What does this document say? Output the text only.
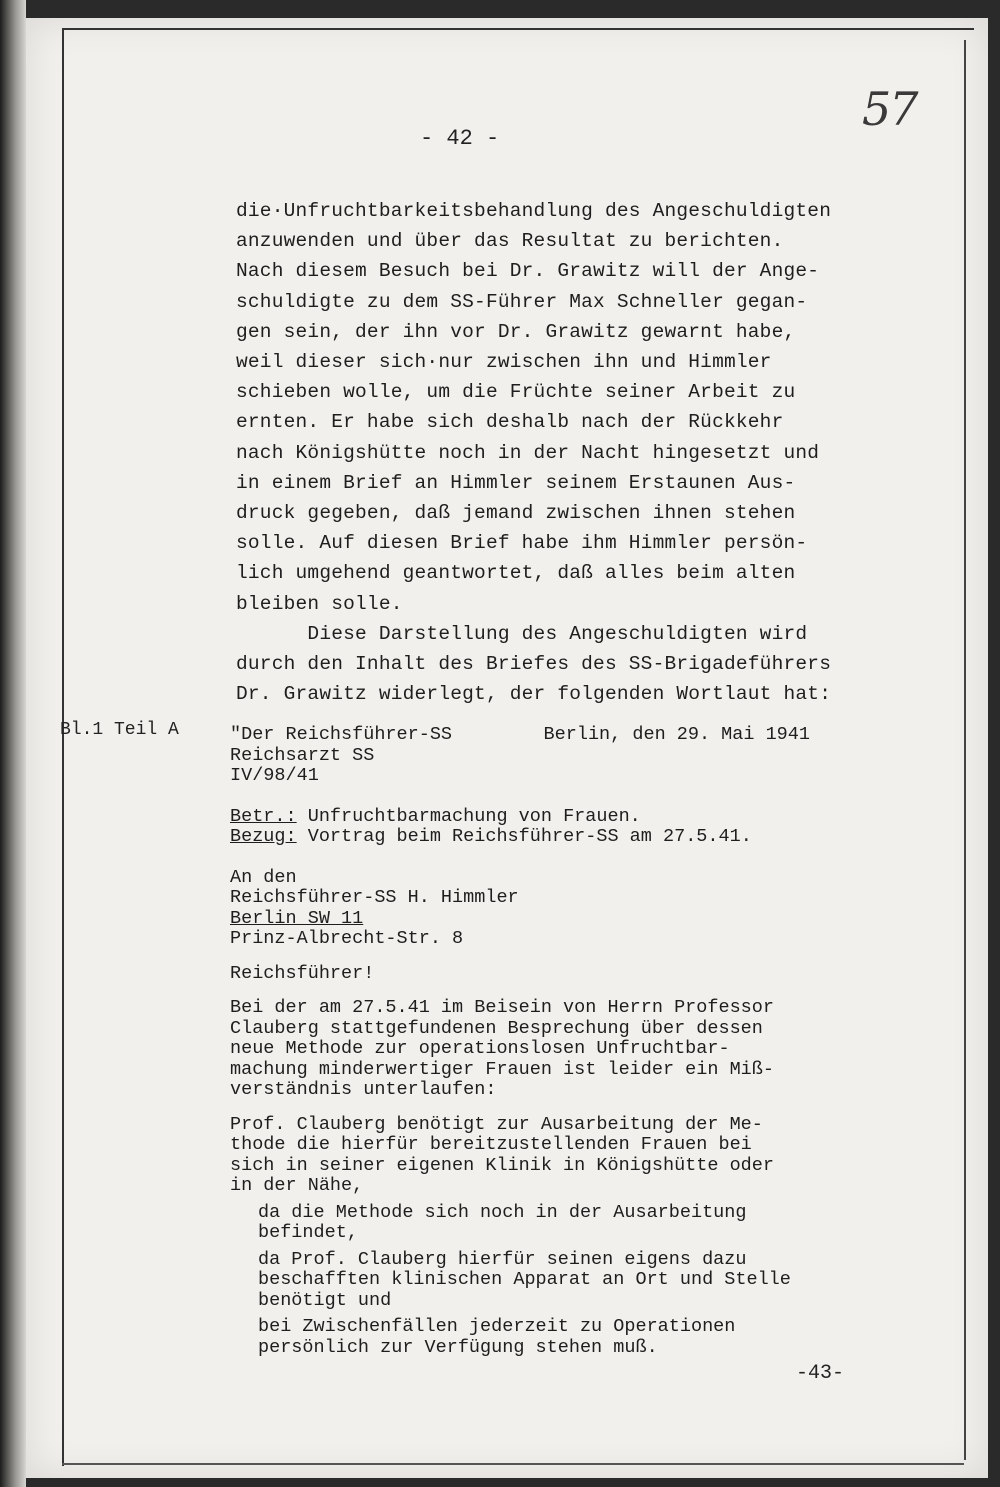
57
- 42 -
die·Unfruchtbarkeitsbehandlung des Angeschuldigten
anzuwenden und über das Resultat zu berichten.
Nach diesem Besuch bei Dr. Grawitz will der Ange-
schuldigte zu dem SS-Führer Max Schneller gegan-
gen sein, der ihn vor Dr. Grawitz gewarnt habe,
weil dieser sich·nur zwischen ihn und Himmler
schieben wolle, um die Früchte seiner Arbeit zu
ernten. Er habe sich deshalb nach der Rückkehr
nach Königshütte noch in der Nacht hingesetzt und
in einem Brief an Himmler seinem Erstaunen Aus-
druck gegeben, daß jemand zwischen ihnen stehen
solle. Auf diesen Brief habe ihm Himmler persön-
lich umgehend geantwortet, daß alles beim alten
bleiben solle.
Diese Darstellung des Angeschuldigten wird
durch den Inhalt des Briefes des SS-Brigadeführers
Dr. Grawitz widerlegt, der folgenden Wortlaut hat:
Bl.1 Teil A	"Der Reichsführer-SS	Berlin, den 29. Mai 1941
Reichsarzt SS
IV/98/41
Betr.: Unfruchtbarmachung von Frauen.
Bezug: Vortrag beim Reichsführer-SS am 27.5.41.
An den
Reichsführer-SS H. Himmler
Berlin SW 11
Prinz-Albrecht-Str. 8
Reichsführer!
Bei der am 27.5.41 im Beisein von Herrn Professor
Clauberg stattgefundenen Besprechung über dessen
neue Methode zur operationslosen Unfruchtbar-
machung minderwertiger Frauen ist leider ein Miß-
verständnis unterlaufen:
Prof. Clauberg benötigt zur Ausarbeitung der Me-
thode die hierfür bereitzustellenden Frauen bei
sich in seiner eigenen Klinik in Königshütte oder
in der Nähe,
da die Methode sich noch in der Ausarbeitung
befindet,
da Prof. Clauberg hierfür seinen eigens dazu
beschafften klinischen Apparat an Ort und Stelle
benötigt und
bei Zwischenfällen jederzeit zu Operationen
persönlich zur Verfügung stehen muß.
-43-
